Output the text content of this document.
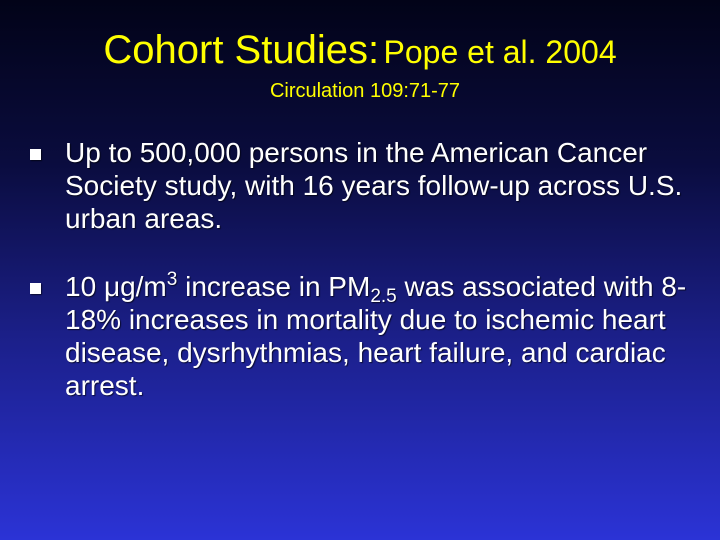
Cohort Studies: Pope et al. 2004
Circulation 109:71-77
Up to 500,000 persons in the American Cancer Society study, with 16 years follow-up across U.S. urban areas.
10 $\mu g/m^3$ increase in $PM_{2.5}$ was associated with 8-18% increases in mortality due to ischemic heart disease, dysrhythmias, heart failure, and cardiac arrest.
